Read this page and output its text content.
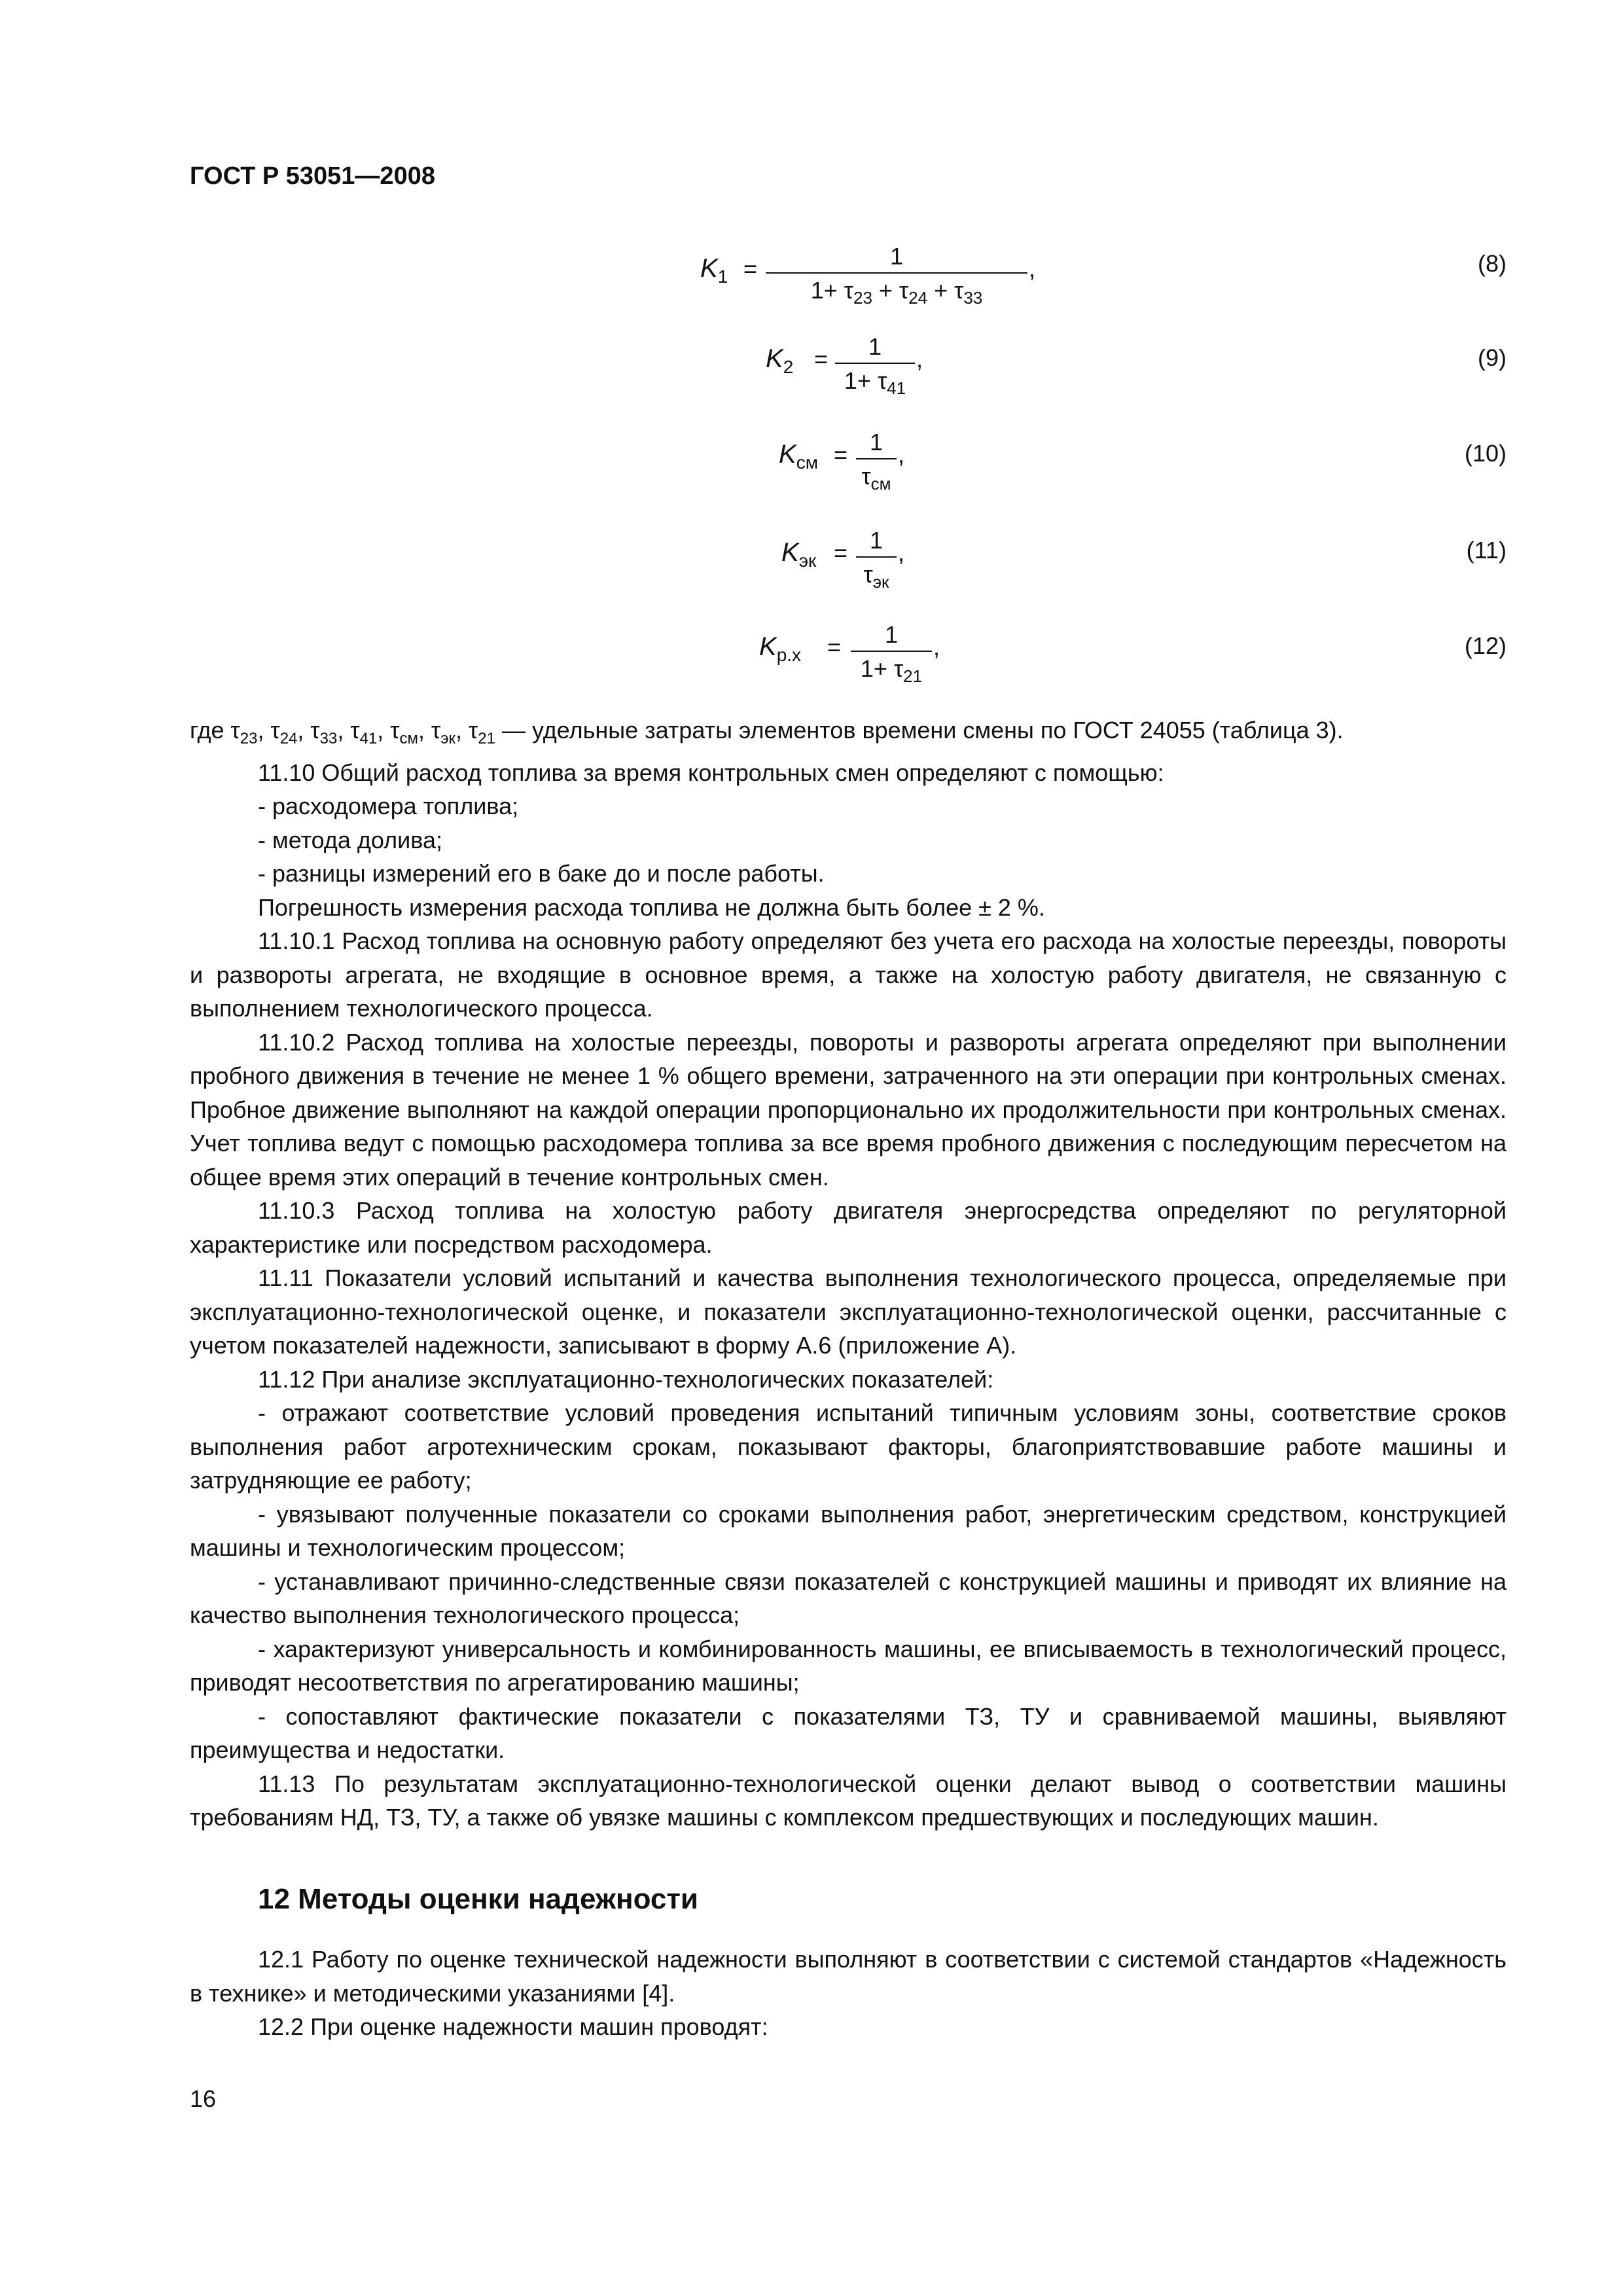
ГОСТ Р 53051—2008
$K_1$ =	1
$1+ \tau_{23} + \tau_{24} + \tau_{33}$
,	(8)
$K_2$ =	1
$1+ \tau_{41}$
,	(9)
$K_{см} = 1$
$\tau_{см}$
,	(10)
$K_{эк} = 1$
$\tau_{эк}$
,	(11)
$K_{р.х}$ =	1
$1+ \tau_{21}$
,	(12)

где $\tau_{23}$, $\tau_{24}$, $\tau_{33}$, $\tau_{41}$, $\tau_{см}$, $\tau_{эк}$, $\tau_{21}$ — удельные затраты элементов времени смены по ГОСТ 24055 (таблица 3).

11.10 Общий расход топлива за время контрольных смен определяют с помощью:

- расходомера топлива;

- метода долива;

- разницы измерений его в баке до и после работы.

Погрешность измерения расхода топлива не должна быть более ± 2 %.

11.10.1 Расход топлива на основную работу определяют без учета его расхода на холостые переезды, повороты и развороты агрегата, не входящие в основное время, а также на холостую работу двигателя, не связанную с выполнением технологического процесса.

11.10.2 Расход топлива на холостые переезды, повороты и развороты агрегата определяют при выполнении пробного движения в течение не менее 1 % общего времени, затраченного на эти операции при контрольных сменах. Пробное движение выполняют на каждой операции пропорционально их продолжительности при контрольных сменах. Учет топлива ведут с помощью расходомера топлива за все время пробного движения с последующим пересчетом на общее время этих операций в течение контрольных смен.

11.10.3 Расход топлива на холостую работу двигателя энергосредства определяют по регуляторной характеристике или посредством расходомера.

11.11 Показатели условий испытаний и качества выполнения технологического процесса, определяемые при эксплуатационно-технологической оценке, и показатели эксплуатационно-технологической оценки, рассчитанные с учетом показателей надежности, записывают в форму А.6 (приложение А).

11.12 При анализе эксплуатационно-технологических показателей:

- отражают соответствие условий проведения испытаний типичным условиям зоны, соответствие сроков выполнения работ агротехническим срокам, показывают факторы, благоприятствовавшие работе машины и затрудняющие ее работу;

- увязывают полученные показатели со сроками выполнения работ, энергетическим средством, конструкцией машины и технологическим процессом;

- устанавливают причинно-следственные связи показателей с конструкцией машины и приводят их влияние на качество выполнения технологического процесса;

- характеризуют универсальность и комбинированность машины, ее вписываемость в технологический процесс, приводят несоответствия по агрегатированию машины;

- сопоставляют фактические показатели с показателями ТЗ, ТУ и сравниваемой машины, выявляют преимущества и недостатки.

11.13 По результатам эксплуатационно-технологической оценки делают вывод о соответствии машины требованиям НД, ТЗ, ТУ, а также об увязке машины с комплексом предшествующих и последующих машин.

12 Методы оценки надежности

12.1 Работу по оценке технической надежности выполняют в соответствии с системой стандартов «Надежность в технике» и методическими указаниями [4].

12.2 При оценке надежности машин проводят:

16
